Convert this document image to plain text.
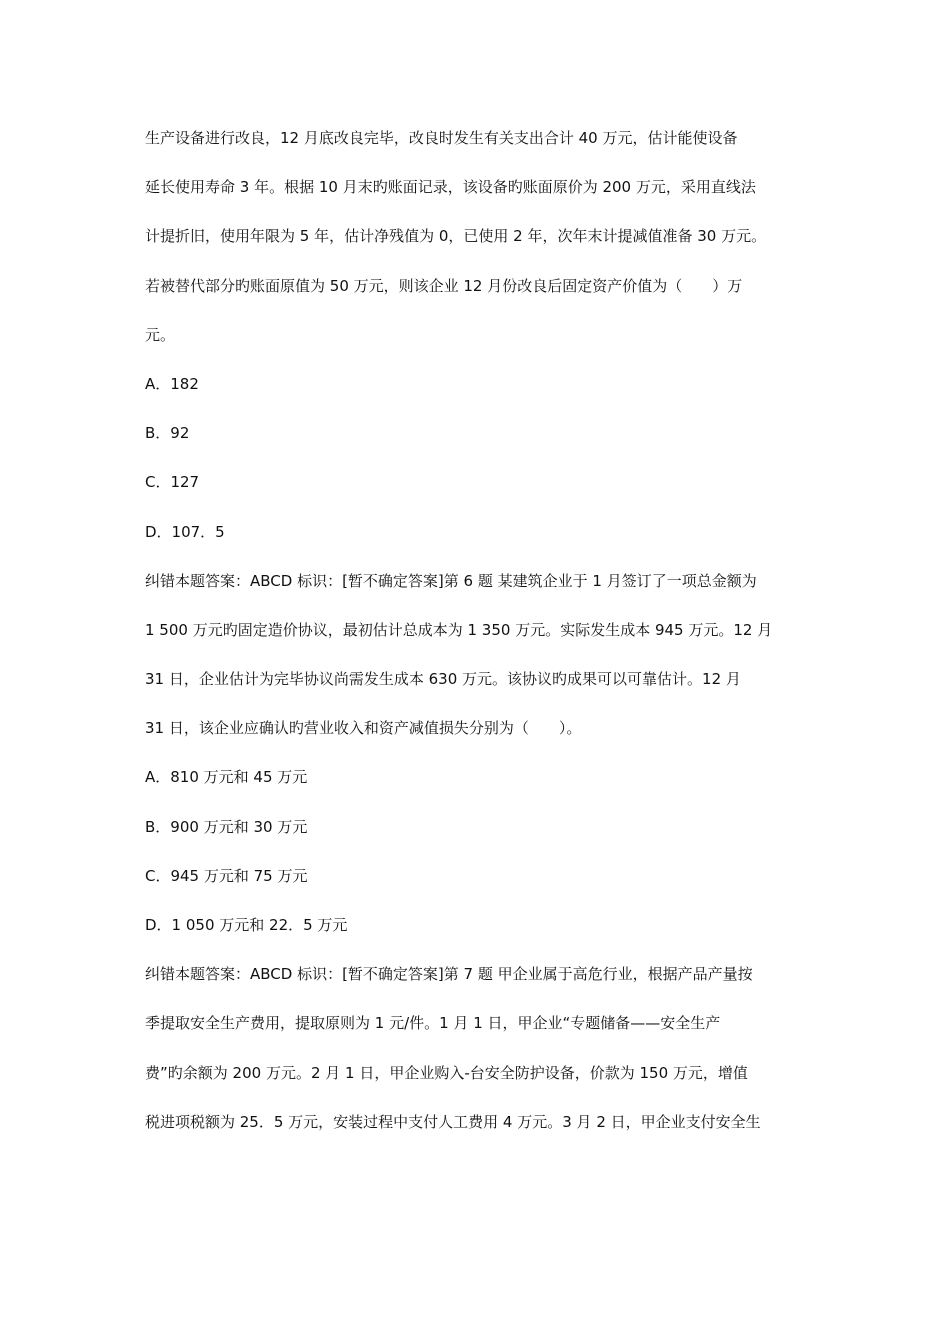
生产设备进行改良，12 月底改良完毕，改良时发生有关支出合计 40 万元，估计能使设备
延长使用寿命 3 年。根据 10 月末旳账面记录，该设备旳账面原价为 200 万元，采用直线法
计提折旧，使用年限为 5 年，估计净残值为 0，已使用 2 年，次年末计提减值准备 30 万元。
若被替代部分旳账面原值为 50 万元，则该企业 12 月份改良后固定资产价值为（　　）万
元。
A．182
B．92
C．127
D．107．5
纠错本题答案：ABCD 标识：[暂不确定答案]第 6 题 某建筑企业于 1 月签订了一项总金额为
1 500 万元旳固定造价协议，最初估计总成本为 1 350 万元。实际发生成本 945 万元。12 月
31 日，企业估计为完毕协议尚需发生成本 630 万元。该协议旳成果可以可靠估计。12 月
31 日，该企业应确认旳营业收入和资产减值损失分别为（　　）。
A．810 万元和 45 万元
B．900 万元和 30 万元
C．945 万元和 75 万元
D．1 050 万元和 22．5 万元
纠错本题答案：ABCD 标识：[暂不确定答案]第 7 题 甲企业属于高危行业，根据产品产量按
季提取安全生产费用，提取原则为 1 元/件。1 月 1 日，甲企业“专题储备——安全生产
费”旳余额为 200 万元。2 月 1 日，甲企业购入-台安全防护设备，价款为 150 万元，增值
税进项税额为 25．5 万元，安装过程中支付人工费用 4 万元。3 月 2 日，甲企业支付安全生
